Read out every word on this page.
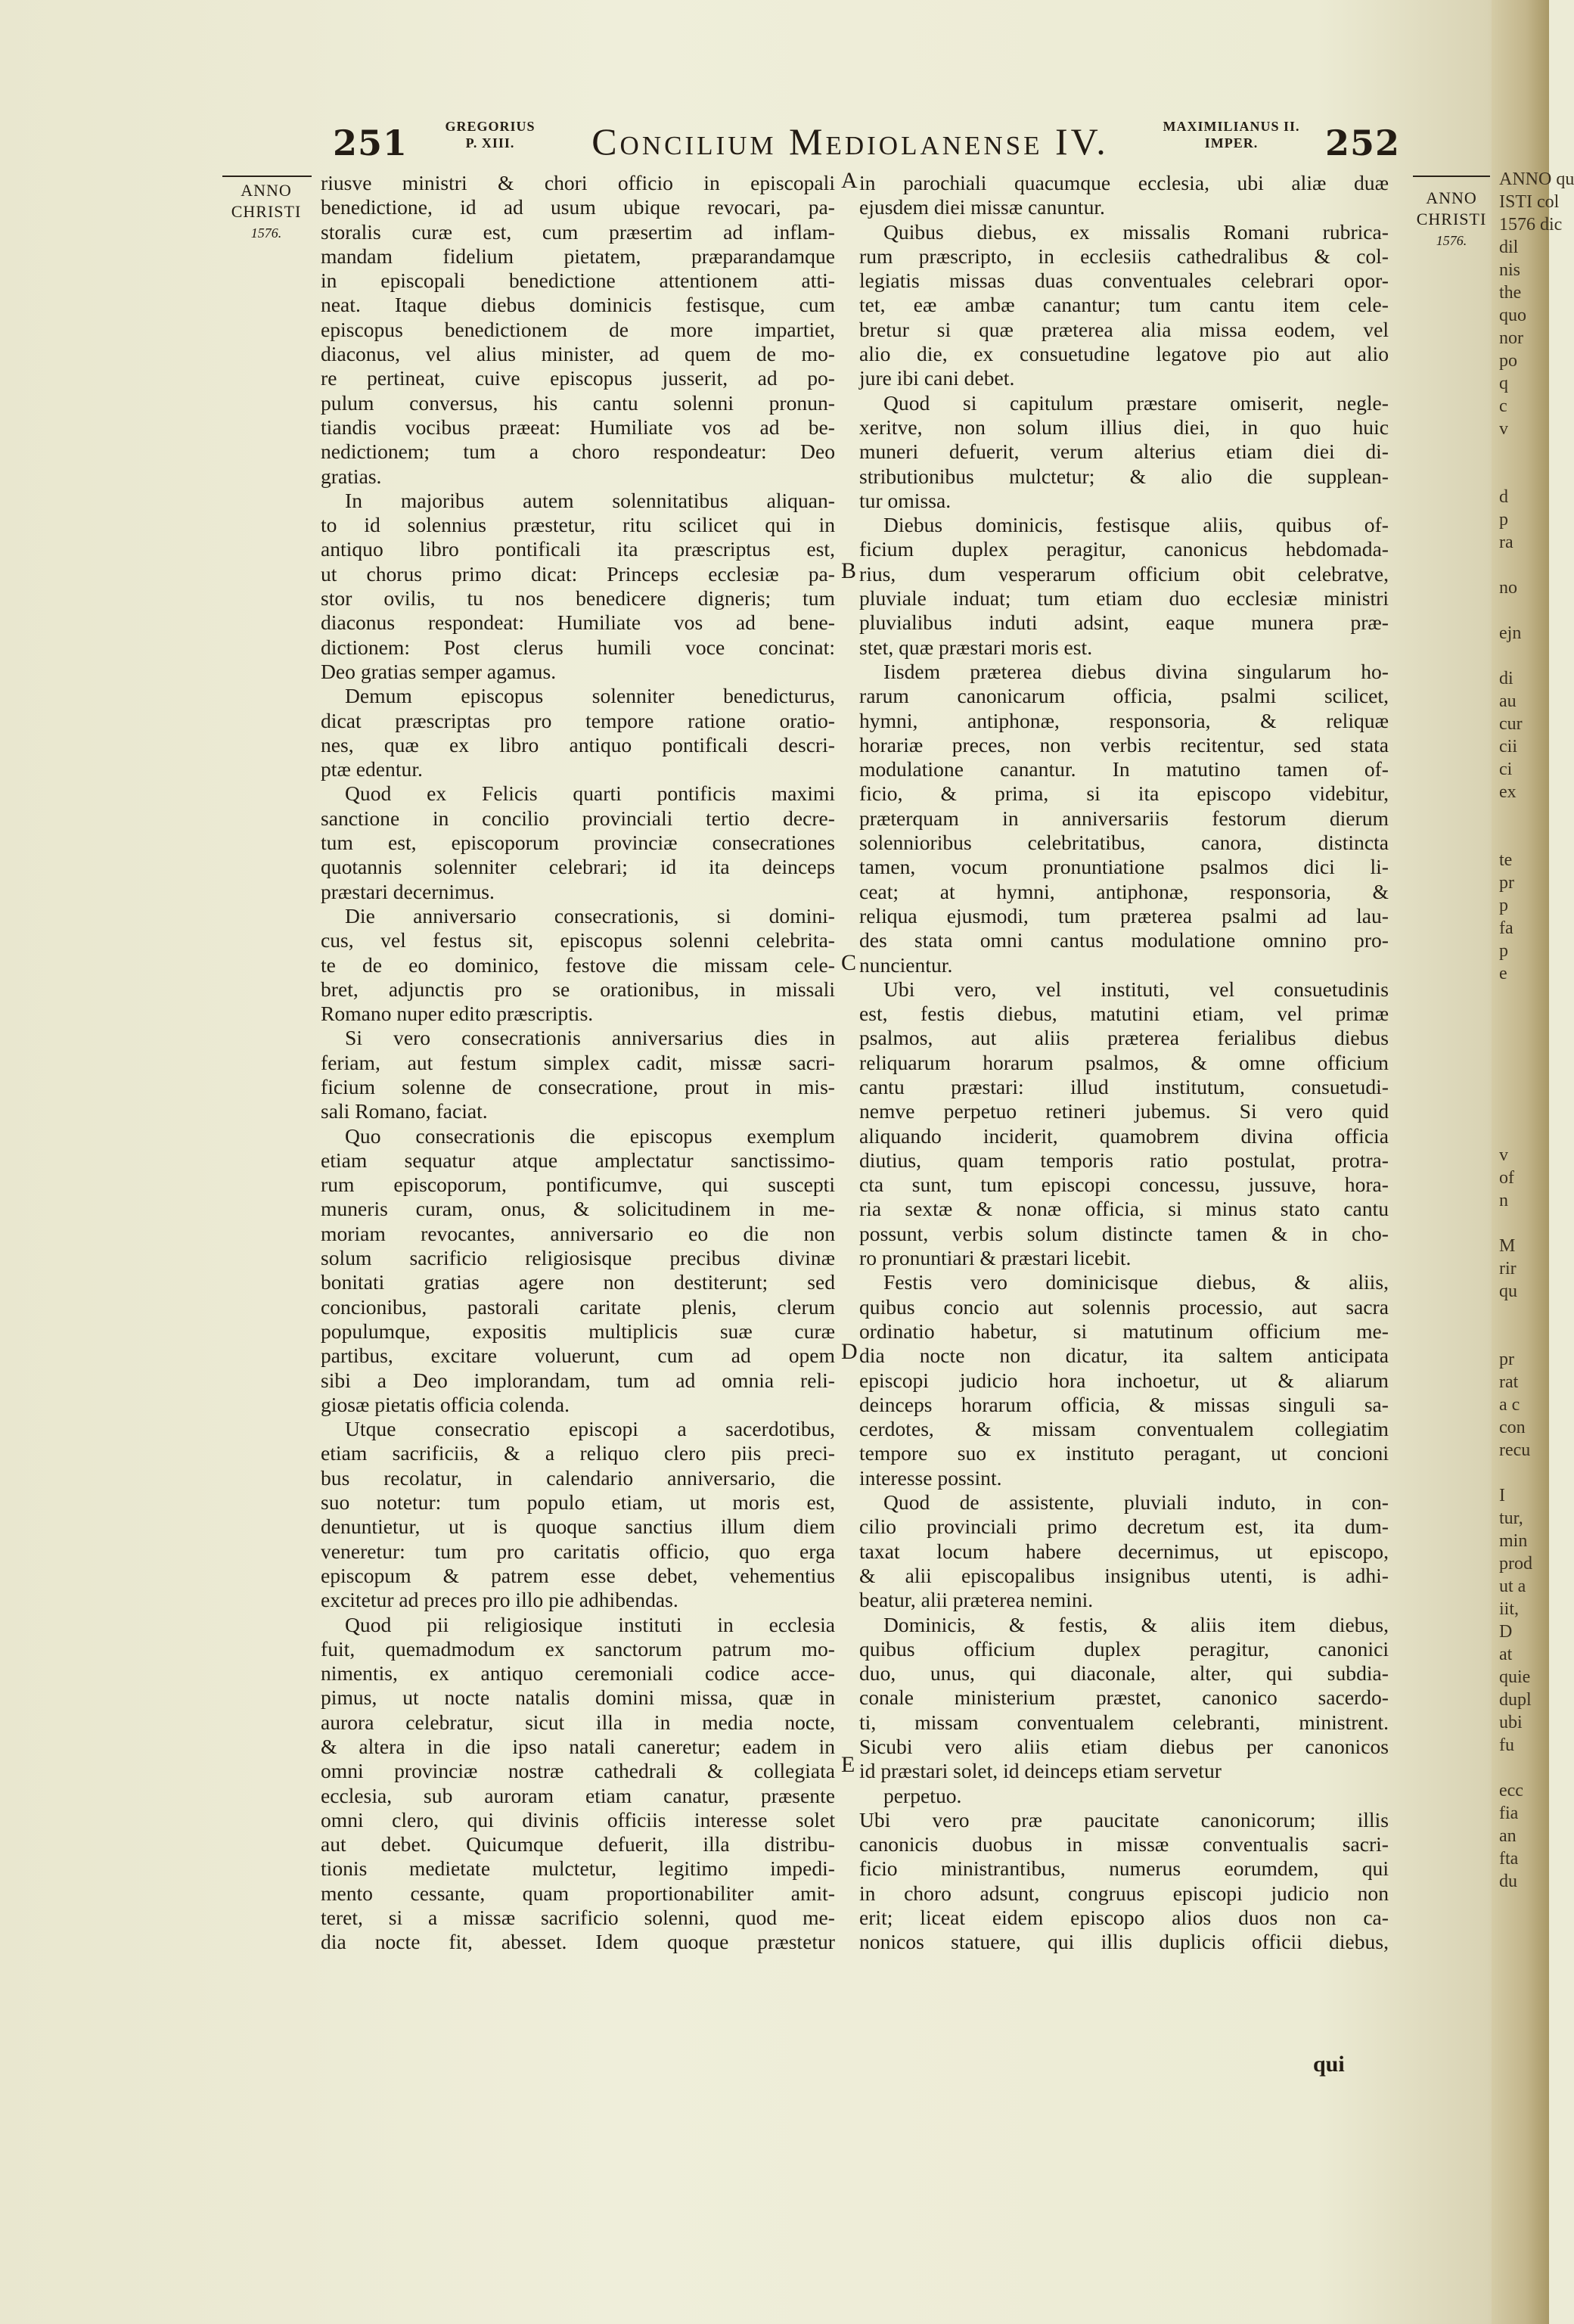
ANNO qu
ISTI col
1576 dic
dil
nis
the
quo
nor
po
q
c
v
d
p
ra
no
ejn
di
au
cur
cii
ci
ex
te
pr
p
fa
p
e
v
of
n
M
rir
qu
pr
rat
a c
con
recu
I
tur,
min
prod
ut a
iit,
D
at
quie
dupl
ubi
fu
ecc
fia
an
fta
du
251	GREGORIUS
P. XIII.	Concilium Mediolanense IV.	MAXIMILIANUS II.
IMPER.	252
ANNO
CHRISTI
1576.
ANNO
CHRISTI
1576.
riusve ministri & chori officio in episcopali
benedictione, id ad usum ubique revocari, pa-
storalis curæ est, cum præsertim ad inflam-
mandam fidelium pietatem, præparandamque
in episcopali benedictione attentionem atti-
neat. Itaque diebus dominicis festisque, cum
episcopus benedictionem de more impartiet,
diaconus, vel alius minister, ad quem de mo-
re pertineat, cuive episcopus jusserit, ad po-
pulum conversus, his cantu solenni pronun-
tiandis vocibus præeat: Humiliate vos ad be-
nedictionem; tum a choro respondeatur: Deo
gratias.
In majoribus autem solennitatibus aliquan-
to id solennius præstetur, ritu scilicet qui in
antiquo libro pontificali ita præscriptus est,
ut chorus primo dicat: Princeps ecclesiæ pa-
stor ovilis, tu nos benedicere digneris; tum
diaconus respondeat: Humiliate vos ad bene-
dictionem: Post clerus humili voce concinat:
Deo gratias semper agamus.
Demum episcopus solenniter benedicturus,
dicat præscriptas pro tempore ratione oratio-
nes, quæ ex libro antiquo pontificali descri-
ptæ edentur.
Quod ex Felicis quarti pontificis maximi
sanctione in concilio provinciali tertio decre-
tum est, episcoporum provinciæ consecrationes
quotannis solenniter celebrari; id ita deinceps
præstari decernimus.
Die anniversario consecrationis, si domini-
cus, vel festus sit, episcopus solenni celebrita-
te de eo dominico, festove die missam cele-
bret, adjunctis pro se orationibus, in missali
Romano nuper edito præscriptis.
Si vero consecrationis anniversarius dies in
feriam, aut festum simplex cadit, missæ sacri-
ficium solenne de consecratione, prout in mis-
sali Romano, faciat.
Quo consecrationis die episcopus exemplum
etiam sequatur atque amplectatur sanctissimo-
rum episcoporum, pontificumve, qui suscepti
muneris curam, onus, & solicitudinem in me-
moriam revocantes, anniversario eo die non
solum sacrificio religiosisque precibus divinæ
bonitati gratias agere non destiterunt; sed
concionibus, pastorali caritate plenis, clerum
populumque, expositis multiplicis suæ curæ
partibus, excitare voluerunt, cum ad opem
sibi a Deo implorandam, tum ad omnia reli-
giosæ pietatis officia colenda.
Utque consecratio episcopi a sacerdotibus,
etiam sacrificiis, & a reliquo clero piis preci-
bus recolatur, in calendario anniversario, die
suo notetur: tum populo etiam, ut moris est,
denuntietur, ut is quoque sanctius illum diem
veneretur: tum pro caritatis officio, quo erga
episcopum & patrem esse debet, vehementius
excitetur ad preces pro illo pie adhibendas.
Quod pii religiosique instituti in ecclesia
fuit, quemadmodum ex sanctorum patrum mo-
nimentis, ex antiquo ceremoniali codice acce-
pimus, ut nocte natalis domini missa, quæ in
aurora celebratur, sicut illa in media nocte,
& altera in die ipso natali caneretur; eadem in
omni provinciæ nostræ cathedrali & collegiata
ecclesia, sub auroram etiam canatur, præsente
omni clero, qui divinis officiis interesse solet
aut debet. Quicumque defuerit, illa distribu-
tionis medietate mulctetur, legitimo impedi-
mento cessante, quam proportionabiliter amit-
teret, si a missæ sacrificio solenni, quod me-
dia nocte fit, abesset. Idem quoque præstetur
in parochiali quacumque ecclesia, ubi aliæ duæ
ejusdem diei missæ canuntur.
Quibus diebus, ex missalis Romani rubrica-
rum præscripto, in ecclesiis cathedralibus & col-
legiatis missas duas conventuales celebrari opor-
tet, eæ ambæ canantur; tum cantu item cele-
bretur si quæ præterea alia missa eodem, vel
alio die, ex consuetudine legatove pio aut alio
jure ibi cani debet.
Quod si capitulum præstare omiserit, negle-
xeritve, non solum illius diei, in quo huic
muneri defuerit, verum alterius etiam diei di-
stributionibus mulctetur; & alio die supplean-
tur omissa.
Diebus dominicis, festisque aliis, quibus of-
ficium duplex peragitur, canonicus hebdomada-
rius, dum vesperarum officium obit celebratve,
pluviale induat; tum etiam duo ecclesiæ ministri
pluvialibus induti adsint, eaque munera præ-
stet, quæ præstari moris est.
Iisdem præterea diebus divina singularum ho-
rarum canonicarum officia, psalmi scilicet,
hymni, antiphonæ, responsoria, & reliquæ
horariæ preces, non verbis recitentur, sed stata
modulatione canantur. In matutino tamen of-
ficio, & prima, si ita episcopo videbitur,
præterquam in anniversariis festorum dierum
solennioribus celebritatibus, canora, distincta
tamen, vocum pronuntiatione psalmos dici li-
ceat; at hymni, antiphonæ, responsoria, &
reliqua ejusmodi, tum præterea psalmi ad lau-
des stata omni cantus modulatione omnino pro-
nuncientur.
Ubi vero, vel instituti, vel consuetudinis
est, festis diebus, matutini etiam, vel primæ
psalmos, aut aliis præterea ferialibus diebus
reliquarum horarum psalmos, & omne officium
cantu præstari: illud institutum, consuetudi-
nemve perpetuo retineri jubemus. Si vero quid
aliquando inciderit, quamobrem divina officia
diutius, quam temporis ratio postulat, protra-
cta sunt, tum episcopi concessu, jussuve, hora-
ria sextæ & nonæ officia, si minus stato cantu
possunt, verbis solum distincte tamen & in cho-
ro pronuntiari & præstari licebit.
Festis vero dominicisque diebus, & aliis,
quibus concio aut solennis processio, aut sacra
ordinatio habetur, si matutinum officium me-
dia nocte non dicatur, ita saltem anticipata
episcopi judicio hora inchoetur, ut & aliarum
deinceps horarum officia, & missas singuli sa-
cerdotes, & missam conventualem collegiatim
tempore suo ex instituto peragant, ut concioni
interesse possint.
Quod de assistente, pluviali induto, in con-
cilio provinciali primo decretum est, ita dum-
taxat locum habere decernimus, ut episcopo,
& alii episcopalibus insignibus utenti, is adhi-
beatur, alii præterea nemini.
Dominicis, & festis, & aliis item diebus,
quibus officium duplex peragitur, canonici
duo, unus, qui diaconale, alter, qui subdia-
conale ministerium præstet, canonico sacerdo-
ti, missam conventualem celebranti, ministrent.
Sicubi vero aliis etiam diebus per canonicos
id præstari solet, id deinceps etiam servetur
perpetuo.
Ubi vero præ paucitate canonicorum; illis
canonicis duobus in missæ conventualis sacri-
ficio ministrantibus, numerus eorumdem, qui
in choro adsunt, congruus episcopi judicio non
erit; liceat eidem episcopo alios duos non ca-
nonicos statuere, qui illis duplicis officii diebus,
A
B
C
D
E
qui
